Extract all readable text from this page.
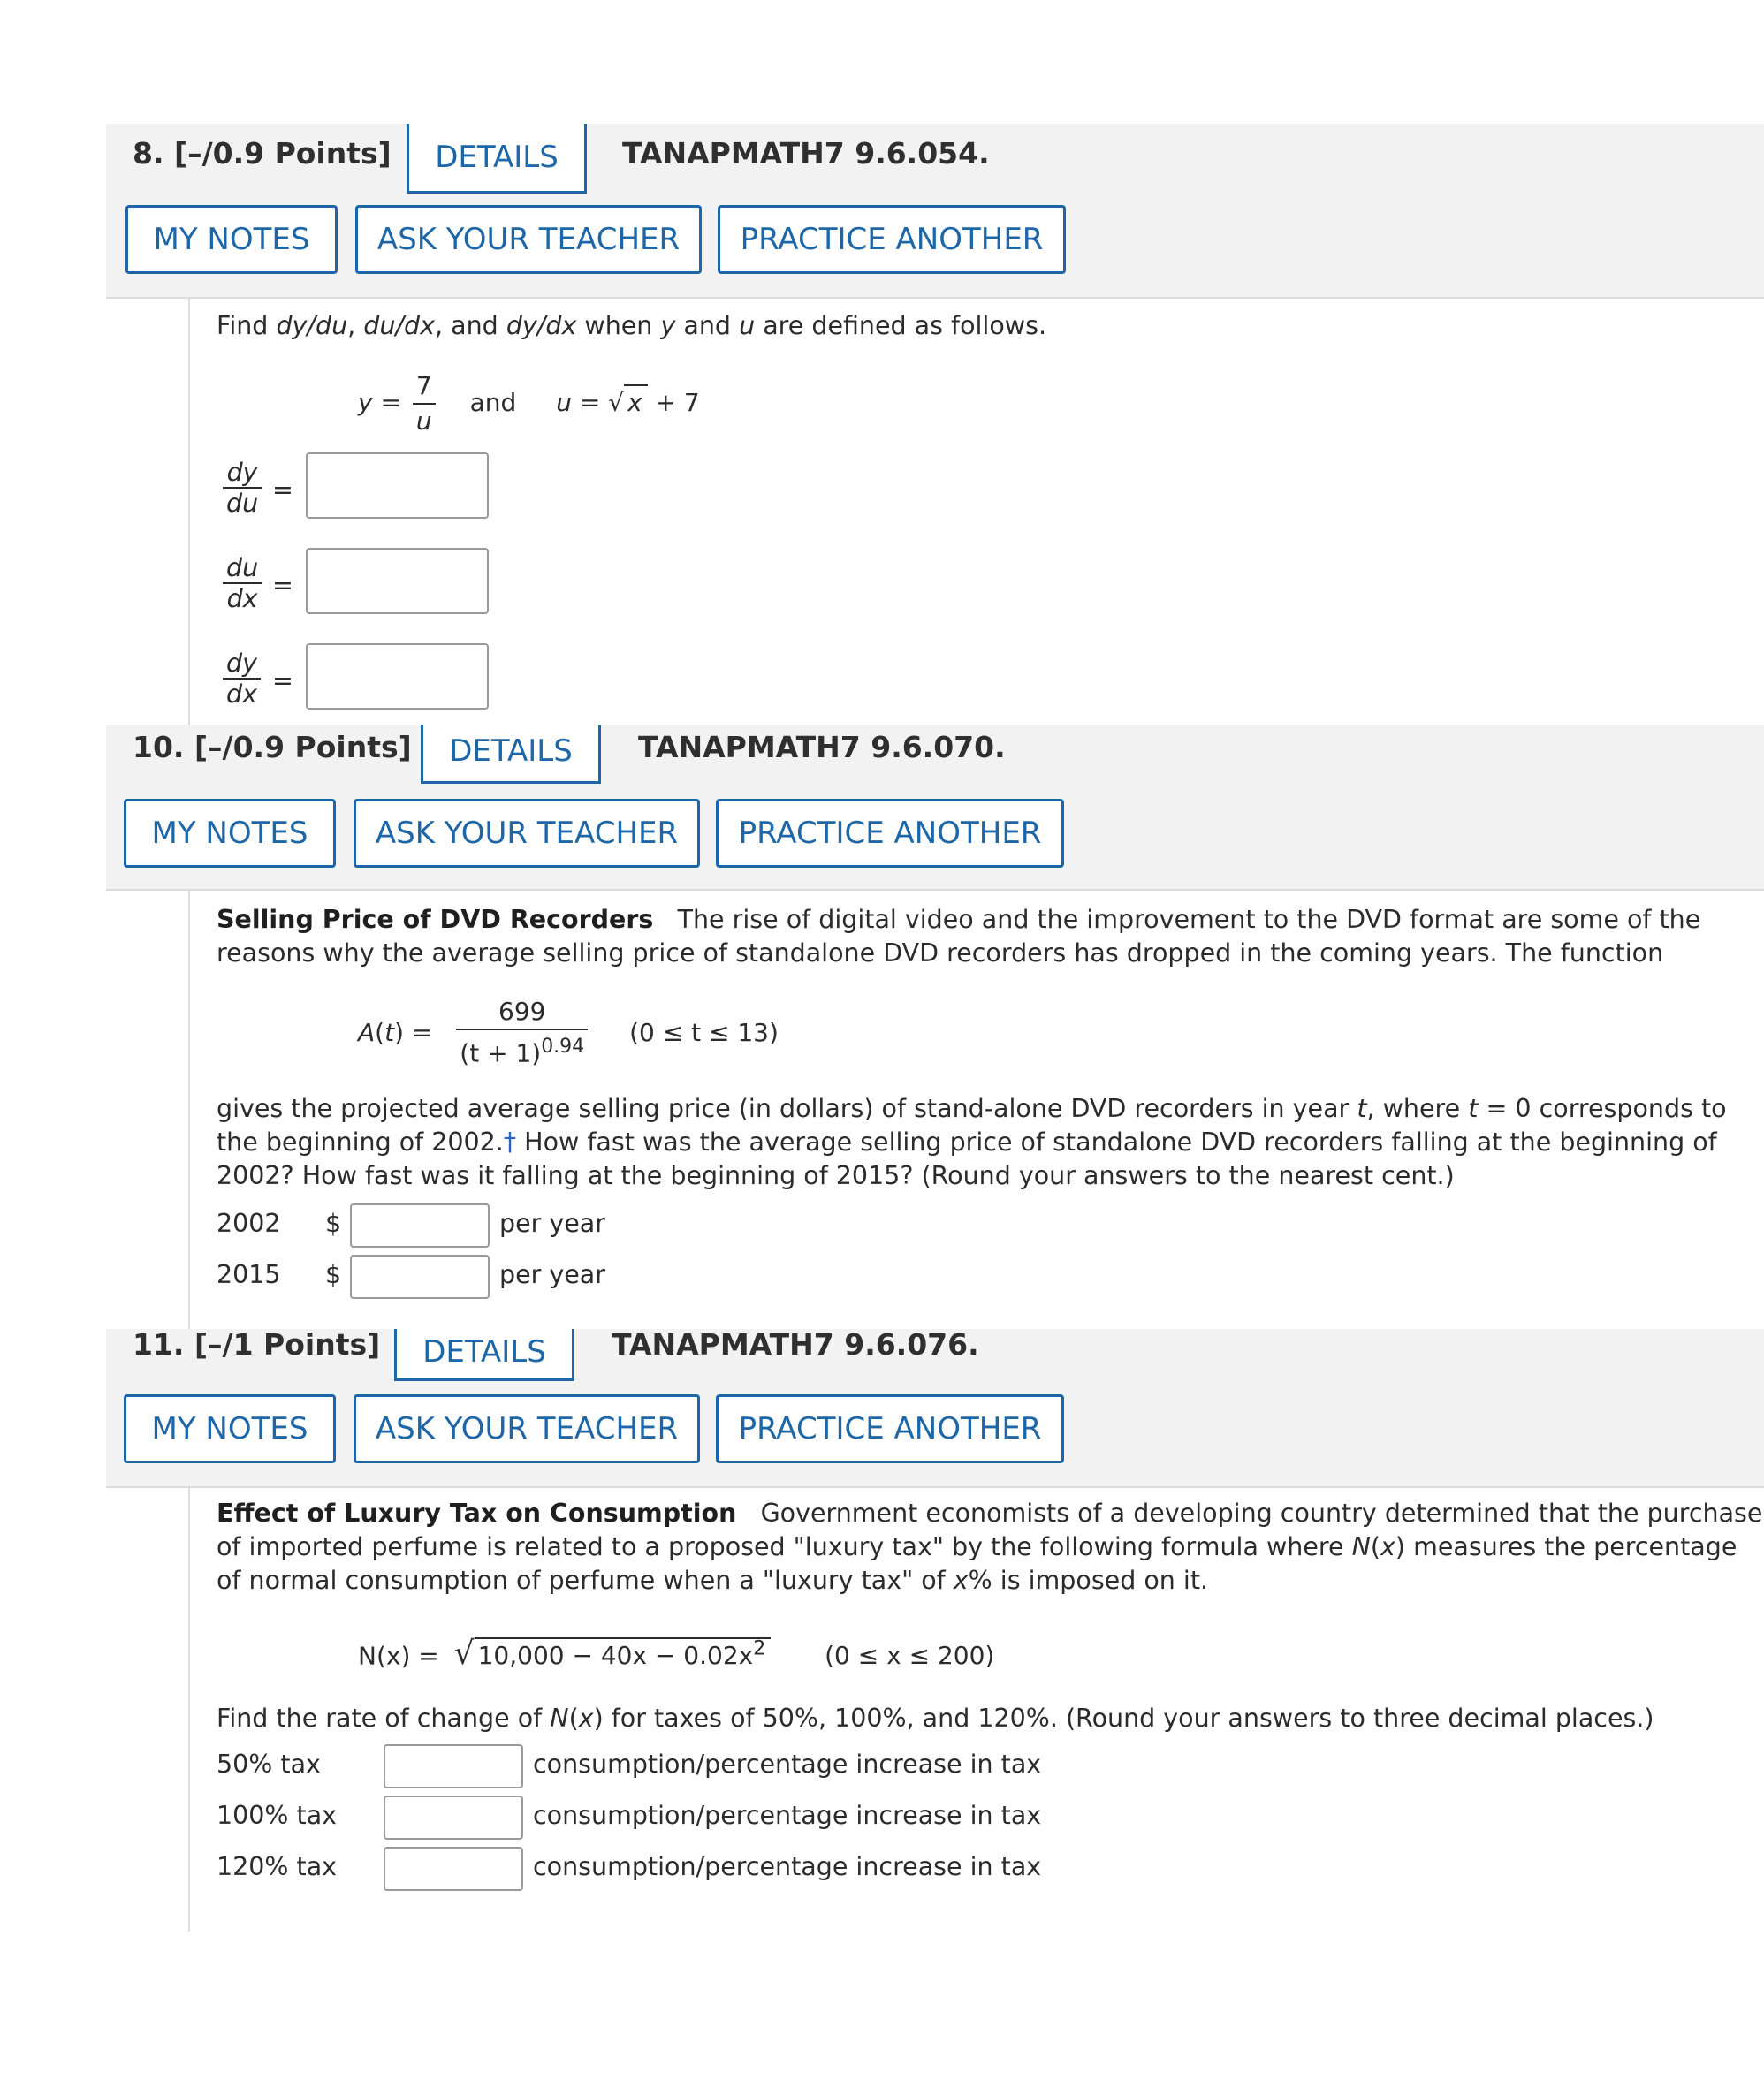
8. [–/0.9 Points]	DETAILS	TANAPMATH7 9.6.054.
MY NOTES	ASK YOUR TEACHER	PRACTICE ANOTHER
Find dy/du, du/dx, and dy/dx when y and u are defined as follows.
$y = \frac{7}{u}$ and u = √ x + 7
$\frac{dy}{du}$ =
$\frac{du}{dx}$ =
$\frac{dy}{dx}$ =
10. [–/0.9 Points]	DETAILS	TANAPMATH7 9.6.070.
MY NOTES	ASK YOUR TEACHER	PRACTICE ANOTHER
Selling Price of DVD Recorders The rise of digital video and the improvement to the DVD format are some of the reasons why the average selling price of standalone DVD recorders has dropped in the coming years. The function
$A(t) = \frac{699}{(t + 1)^{0.94}} (0 \le t \le 13)$
gives the projected average selling price (in dollars) of stand-alone DVD recorders in year t, where t = 0 corresponds to the beginning of 2002.† How fast was the average selling price of standalone DVD recorders falling at the beginning of 2002? How fast was it falling at the beginning of 2015? (Round your answers to the nearest cent.)
2002 $	per year
2015 $	per year
11. [–/1 Points]	DETAILS	TANAPMATH7 9.6.076.
MY NOTES	ASK YOUR TEACHER	PRACTICE ANOTHER
Effect of Luxury Tax on Consumption Government economists of a developing country determined that the purchase of imported perfume is related to a proposed "luxury tax" by the following formula where N(x) measures the percentage of normal consumption of perfume when a "luxury tax" of x% is imposed on it.
N(x) = √ $10,000 - 40x - 0.02x^2$ (0 ≤ x ≤ 200)
Find the rate of change of N(x) for taxes of 50%, 100%, and 120%. (Round your answers to three decimal places.)
50% tax	consumption/percentage increase in tax
100% tax	consumption/percentage increase in tax
120% tax	consumption/percentage increase in tax
